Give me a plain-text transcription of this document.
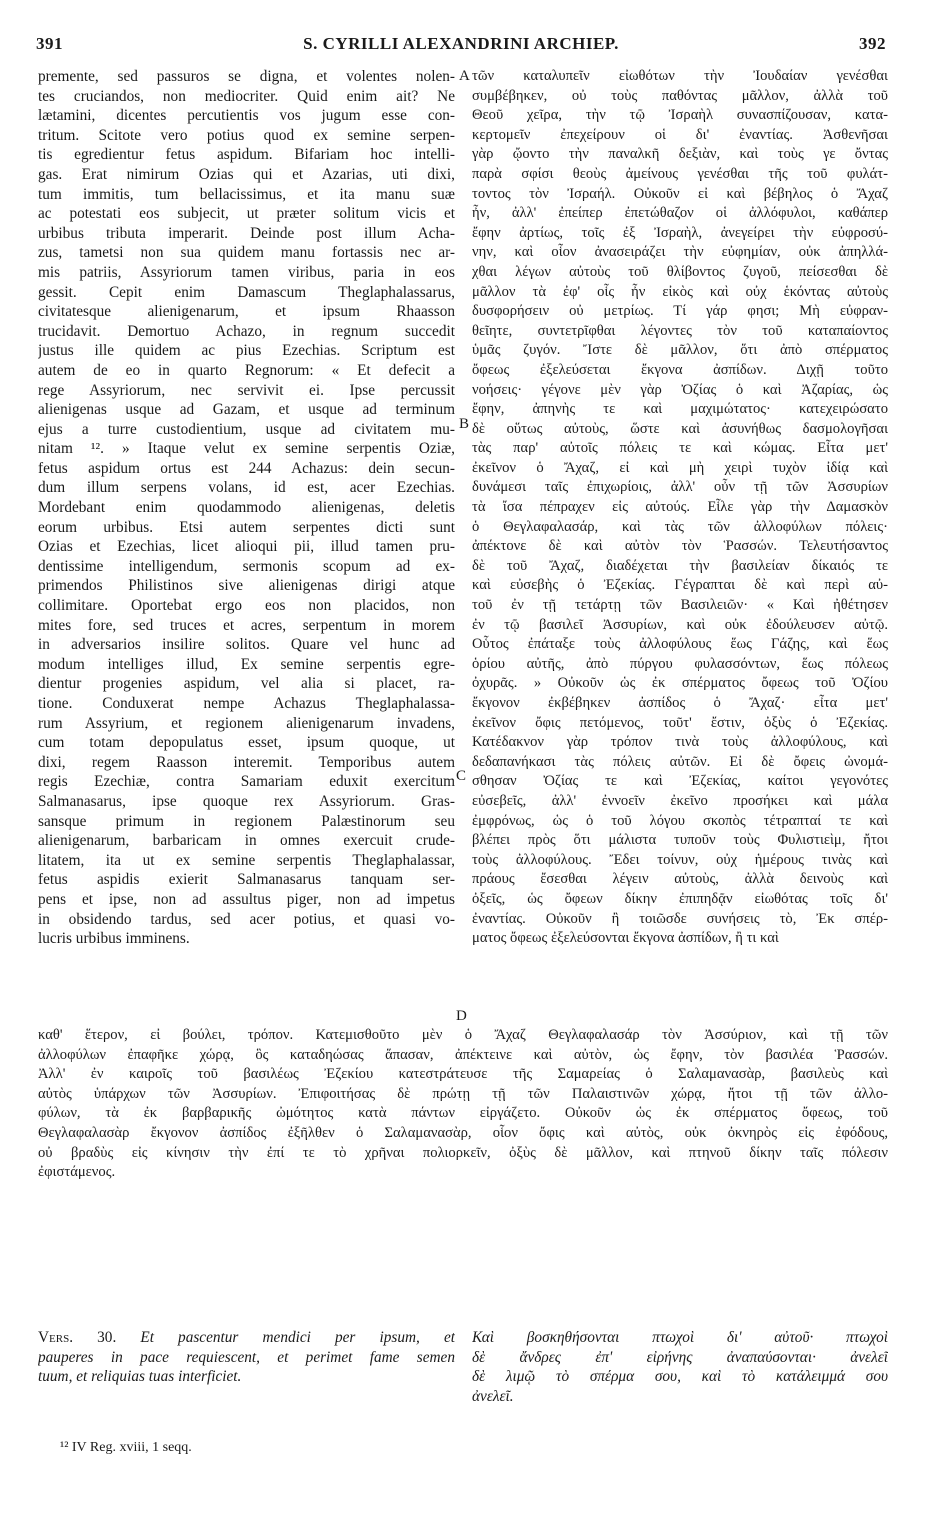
391	S. CYRILLI ALEXANDRINI ARCHIEP.	392
premente, sed passuros se digna, et volentes nolen-
tes cruciandos, non mediocriter. Quid enim ait? Ne
lætamini, dicentes percutientis vos jugum esse con-
tritum. Scitote vero potius quod ex semine serpen-
tis egredientur fetus aspidum. Bifariam hoc intelli-
gas. Erat nimirum Ozias qui et Azarias, uti dixi,
tum immitis, tum bellacissimus, et ita manu suæ
ac potestati eos subjecit, ut præter solitum vicis et
urbibus tributa imperarit. Deinde post illum Acha-
zus, tametsi non sua quidem manu fortassis nec ar-
mis patriis, Assyriorum tamen viribus, paria in eos
gessit. Cepit enim Damascum Theglaphalassarus,
civitatesque alienigenarum, et ipsum Rhaasson
trucidavit. Demortuo Achazo, in regnum succedit
justus ille quidem ac pius Ezechias. Scriptum est
autem de eo in quarto Regnorum: « Et defecit a
rege Assyriorum, nec servivit ei. Ipse percussit
alienigenas usque ad Gazam, et usque ad terminum
ejus a turre custodientium, usque ad civitatem mu-
nitam ¹². » Itaque velut ex semine serpentis Oziæ,
fetus aspidum ortus est 244 Achazus: dein secun-
dum illum serpens volans, id est, acer Ezechias.
Mordebant enim quodammodo alienigenas, deletis
eorum urbibus. Etsi autem serpentes dicti sunt
Ozias et Ezechias, licet alioqui pii, illud tamen pru-
dentissime intelligendum, sermonis scopum ad ex-
primendos Philistinos sive alienigenas dirigi atque
collimitare. Oportebat ergo eos non placidos, non
mites fore, sed truces et acres, serpentum in morem
in adversarios insilire solitos. Quare vel hunc ad
modum intelliges illud, Ex semine serpentis egre-
dientur progenies aspidum, vel alia si placet, ra-
tione. Conduxerat nempe Achazus Theglaphalassa-
rum Assyrium, et regionem alienigenarum invadens,
cum totam depopulatus esset, ipsum quoque, ut
dixi, regem Raasson interemit. Temporibus autem
regis Ezechiæ, contra Samariam eduxit exercitum
Salmanasarus, ipse quoque rex Assyriorum. Gras-
sansque primum in regionem Palæstinorum seu
alienigenarum, barbaricam in omnes exercuit crude-
litatem, ita ut ex semine serpentis Theglaphalassar,
fetus aspidis exierit Salmanasarus tanquam ser-
pens et ipse, non ad assultus piger, non ad impetus
in obsidendo tardus, sed acer potius, et quasi vo-
lucris urbibus imminens.
τῶν καταλυπεῖν εἰωθότων τὴν Ἰουδαίαν γενέσθαι
συμβέβηκεν, οὐ τοὺς παθόντας μᾶλλον, ἀλλὰ τοῦ
Θεοῦ χεῖρα, τὴν τῷ Ἰσραὴλ συνασπίζουσαν, κατα-
κερτομεῖν ἐπεχείρουν οἱ δι' ἐναντίας. Ἀσθενῆσαι
γὰρ ᾤοντο τὴν παναλκῆ δεξιὰν, καὶ τοὺς γε ὄντας
παρὰ σφίσι θεοὺς ἀμείνους γενέσθαι τῆς τοῦ φυλάτ-
τοντος τὸν Ἰσραήλ. Οὐκοῦν εἰ καὶ βέβηλος ὁ Ἄχαζ
ἦν, ἀλλ' ἐπείπερ ἐπετώθαζον οἱ ἀλλόφυλοι, καθάπερ
ἔφην ἀρτίως, τοῖς ἐξ Ἰσραὴλ, ἀνεγείρει τὴν εὐφροσύ-
νην, καὶ οἷον ἀνασειράζει τὴν εὐφημίαν, οὐκ ἀπηλλά-
χθαι λέγων αὐτοὺς τοῦ θλίβοντος ζυγοῦ, πείσεσθαι δὲ
μᾶλλον τὰ ἐφ' οἷς ἦν εἰκὸς καὶ οὐχ ἑκόντας αὐτοὺς
δυσφορήσειν οὐ μετρίως. Τί γάρ φησι; Μὴ εὐφραν-
θεῖητε, συντετρῖφθαι λέγοντες τὸν τοῦ καταπαίοντος
ὑμᾶς ζυγόν. Ἴστε δὲ μᾶλλον, ὅτι ἀπὸ σπέρματος
ὄφεως ἐξελεύσεται ἔκγονα ἀσπίδων. Διχῇ τοῦτο
νοήσεις· γέγονε μὲν γὰρ Ὀζίας ὁ καὶ Ἀζαρίας, ὡς
ἔφην, ἀπηνὴς τε καὶ μαχιμώτατος· κατεχειρώσατο
δὲ οὕτως αὐτοὺς, ὥστε καὶ ἀσυνήθως δασμολογῆσαι
τὰς παρ' αὐτοῖς πόλεις τε καὶ κώμας. Εἶτα μετ'
ἐκεῖνον ὁ Ἄχαζ, εἰ καὶ μὴ χειρὶ τυχὸν ἰδίᾳ καὶ
δυνάμεσι ταῖς ἐπιχωρίοις, ἀλλ' οὖν τῇ τῶν Ἀσσυρίων
τὰ ἴσα πέπραχεν εἰς αὐτούς. Εἷλε γὰρ τὴν Δαμασκὸν
ὁ Θεγλαφαλασάρ, καὶ τὰς τῶν ἀλλοφύλων πόλεις·
ἀπέκτονε δὲ καὶ αὐτὸν τὸν Ῥασσών. Τελευτήσαντος
δὲ τοῦ Ἄχαζ, διαδέχεται τὴν βασιλείαν δίκαιός τε
καὶ εὐσεβὴς ὁ Ἐζεκίας. Γέγραπται δὲ καὶ περὶ αὐ-
τοῦ ἐν τῇ τετάρτῃ τῶν Βασιλειῶν· « Καὶ ἠθέτησεν
ἐν τῷ βασιλεῖ Ἀσσυρίων, καὶ οὐκ ἐδούλευσεν αὐτῷ.
Οὗτος ἐπάταξε τοὺς ἀλλοφύλους ἕως Γάζης, καὶ ἕως
ὁρίου αὐτῆς, ἀπὸ πύργου φυλασσόντων, ἕως πόλεως
ὀχυρᾶς. » Οὐκοῦν ὡς ἐκ σπέρματος ὄφεως τοῦ Ὀζίου
ἔκγονον ἐκβέβηκεν ἀσπίδος ὁ Ἄχαζ· εἶτα μετ'
ἐκεῖνον ὄφις πετόμενος, τοῦτ' ἔστιν, ὀξὺς ὁ Ἐζεκίας.
Κατέδακνον γὰρ τρόπον τινὰ τοὺς ἀλλοφύλους, καὶ
δεδαπανήκασι τὰς πόλεις αὐτῶν. Εἰ δὲ ὄφεις ὠνομά-
σθησαν Ὀζίας τε καὶ Ἐζεκίας, καίτοι γεγονότες
εὐσεβεῖς, ἀλλ' ἐννοεῖν ἐκεῖνο προσήκει καὶ μάλα
ἐμφρόνως, ὡς ὁ τοῦ λόγου σκοπὸς τέτραπταί τε καὶ
βλέπει πρὸς ὅτι μάλιστα τυποῦν τοὺς Φυλιστιεὶμ, ἤτοι
τοὺς ἀλλοφύλους. Ἔδει τοίνυν, οὐχ ἡμέρους τινὰς καὶ
πράους ἔσεσθαι λέγειν αὐτοὺς, ἀλλὰ δεινοὺς καὶ
ὀξεῖς, ὡς ὄφεων δίκην ἐπιπηδᾷν εἰωθότας τοῖς δι'
ἐναντίας. Οὐκοῦν ἢ τοιῶσδε συνήσεις τὸ, Ἐκ σπέρ-
ματος ὄφεως ἐξελεύσονται ἔκγονα ἀσπίδων, ἢ τι καὶ
καθ' ἕτερον, εἰ βούλει, τρόπον. Κατεμισθοῦτο μὲν ὁ Ἄχαζ Θεγλαφαλασάρ τὸν Ἀσσύριον, καὶ τῇ τῶν
ἀλλοφύλων ἐπαφῆκε χώρᾳ, ὃς καταδηώσας ἅπασαν, ἀπέκτεινε καὶ αὐτὸν, ὡς ἔφην, τὸν βασιλέα Ῥασσών.
Ἀλλ' ἐν καιροῖς τοῦ βασιλέως Ἐζεκίου κατεστράτευσε τῆς Σαμαρείας ὁ Σαλαμανασὰρ, βασιλεὺς καὶ
αὐτὸς ὑπάρχων τῶν Ἀσσυρίων. Ἐπιφοιτήσας δὲ πρώτῃ τῇ τῶν Παλαιστινῶν χώρᾳ, ἤτοι τῇ τῶν ἀλλο-
φύλων, τὰ ἐκ βαρβαρικῆς ὠμότητος κατὰ πάντων εἰργάζετο. Οὐκοῦν ὡς ἐκ σπέρματος ὄφεως, τοῦ
Θεγλαφαλασὰρ ἔκγονον ἀσπίδος ἐξῆλθεν ὁ Σαλαμανασὰρ, οἷον ὄφις καὶ αὐτὸς, οὐκ ὀκνηρὸς εἰς ἐφόδους,
οὐ βραδὺς εἰς κίνησιν τὴν ἐπί τε τὸ χρῆναι πολιορκεῖν, ὀξὺς δὲ μᾶλλον, καὶ πτηνοῦ δίκην ταῖς πόλεσιν
ἐφιστάμενος.
Vers. 30. Et pascentur mendici per ipsum, et
pauperes in pace requiescent, et perimet fame semen
tuum, et reliquias tuas interficiet.
Καὶ βοσκηθήσονται πτωχοὶ δι' αὐτοῦ· πτωχοὶ
δὲ ἄνδρες ἐπ' εἰρήνης ἀναπαύσονται· ἀνελεῖ
δὲ λιμῷ τὸ σπέρμα σου, καὶ τὸ κατάλειμμά σου
ἀνελεῖ.
A
B
C
D
¹² IV Reg. xviii, 1 seqq.
